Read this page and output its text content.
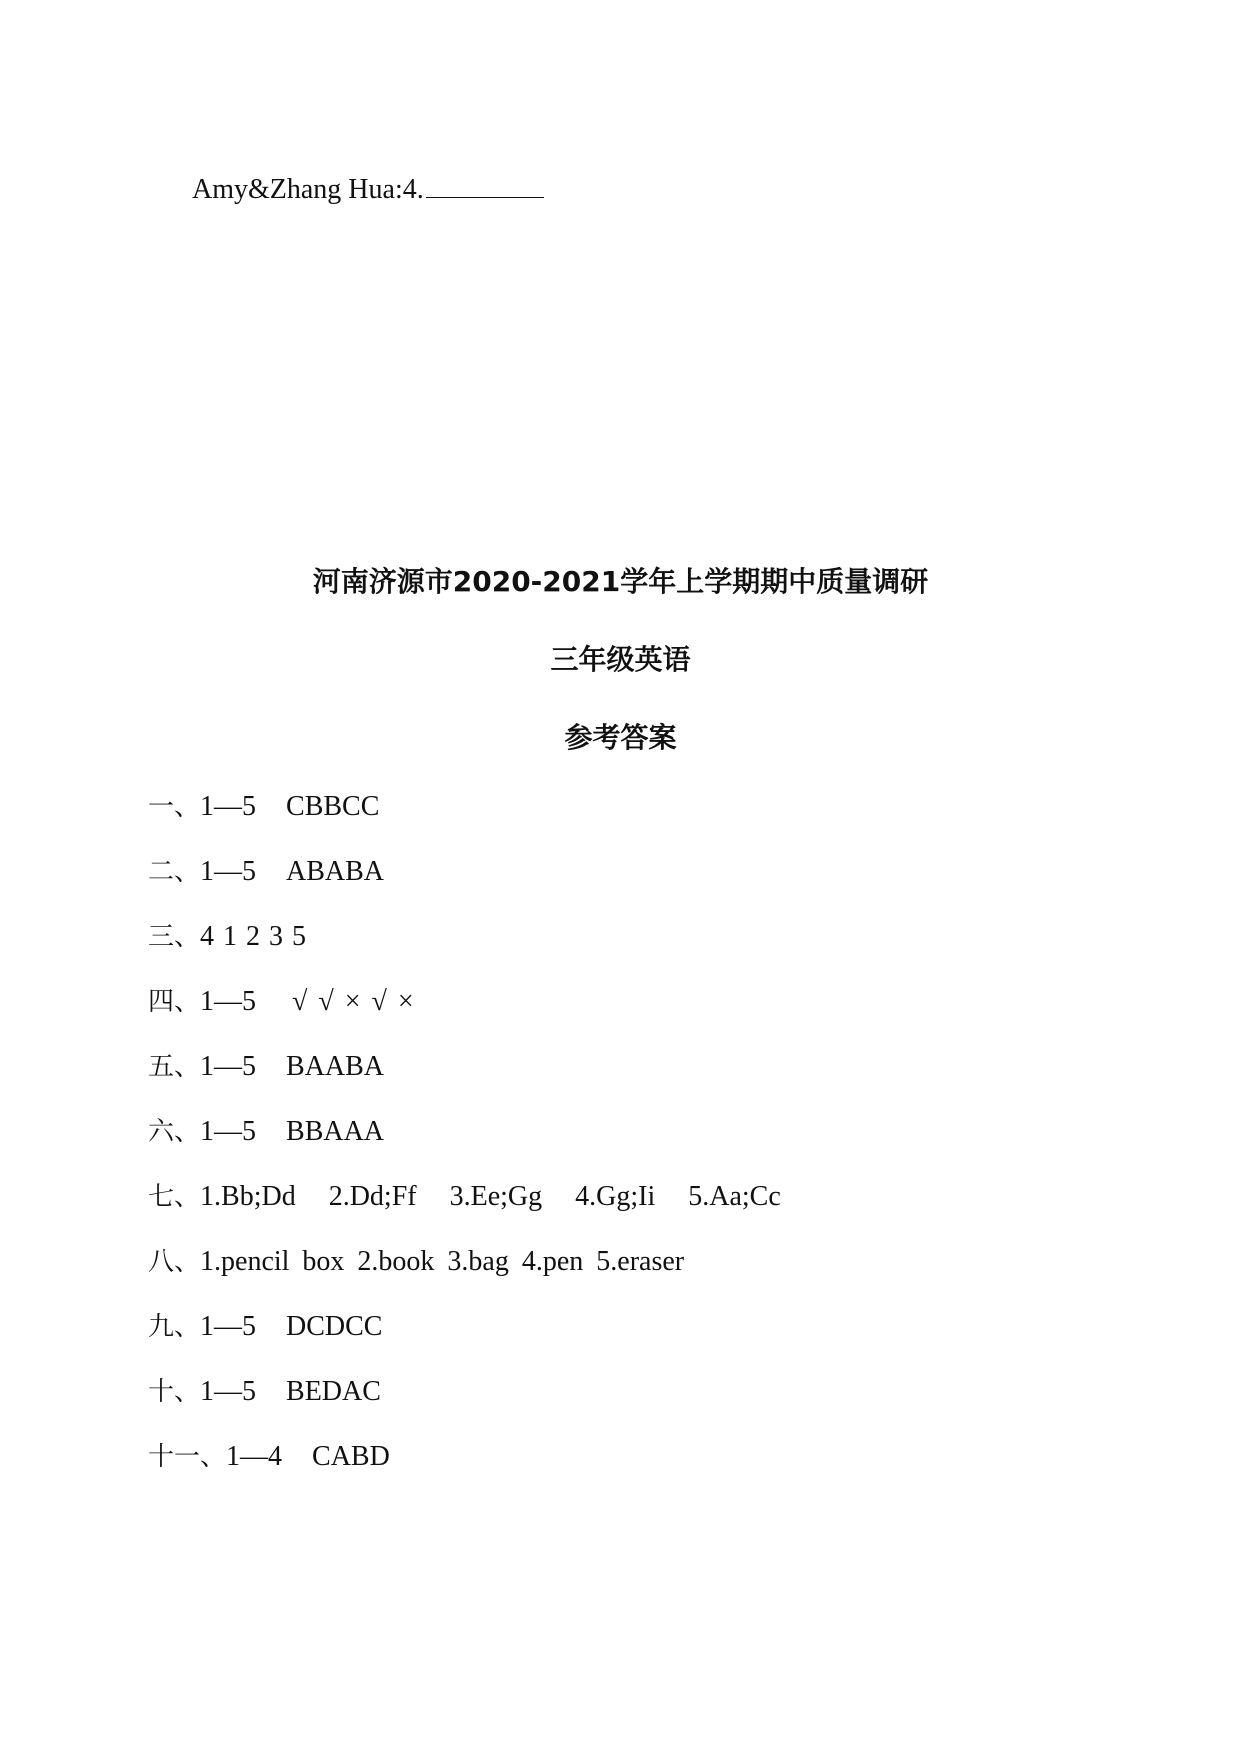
Amy&Zhang Hua:4.
河南济源市2020-2021学年上学期期中质量调研
三年级英语
参考答案
一、1—5 CBBCC
二、1—5 ABABA
三、4 1 2 3 5
四、1—5 √ √ × √ ×
五、1—5 BAABA
六、1—5 BBAAA
七、1.Bb;Dd 2.Dd;Ff 3.Ee;Gg 4.Gg;Ii 5.Aa;Cc
八、1.pencil box 2.book 3.bag 4.pen 5.eraser
九、1—5 DCDCC
十、1—5 BEDAC
十一、1—4 CABD
